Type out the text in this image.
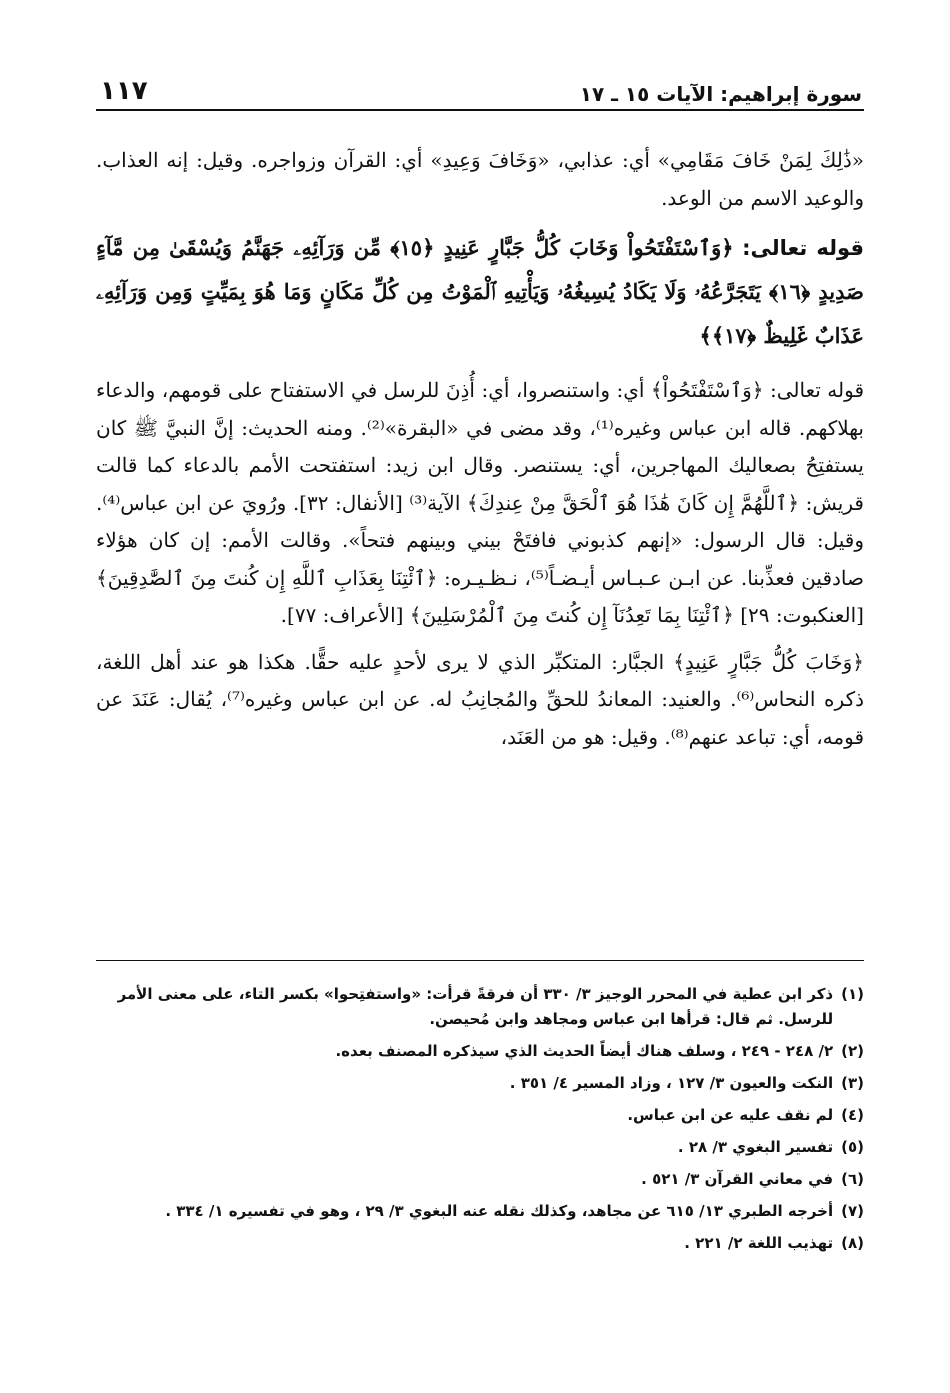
سورة إبراهيم: الآيات ١٥ ـ ١٧
١١٧

«ذَٰلِكَ لِمَنْ خَافَ مَقَامِي» أي: عذابي، «وَخَافَ وَعِيدِ» أي: القرآن وزواجره. وقيل: إنه العذاب. والوعيد الاسم من الوعد.

قوله تعالى: ﴿وَٱسْتَفْتَحُواْ وَخَابَ كُلُّ جَبَّارٍ عَنِيدٍ ﴿١٥﴾ مِّن وَرَآئِهِۦ جَهَنَّمُ وَيُسْقَىٰ مِن مَّآءٍ صَدِيدٍ ﴿١٦﴾ يَتَجَرَّعُهُۥ وَلَا يَكَادُ يُسِيغُهُۥ وَيَأْتِيهِ ٱلْمَوْتُ مِن كُلِّ مَكَانٍ وَمَا هُوَ بِمَيِّتٍ وَمِن وَرَآئِهِۦ عَذَابٌ غَلِيظٌ ﴿١٧﴾﴾

قوله تعالى: ﴿وَٱسْتَفْتَحُواْ﴾ أي: واستنصروا، أي: أُذِنَ للرسل في الاستفتاح على قومهم، والدعاء بهلاكهم. قاله ابن عباس وغيره⁽¹⁾، وقد مضى في «البقرة»⁽²⁾. ومنه الحديث: إنَّ النبيَّ ﷺ كان يستفتِحُ بصعاليك المهاجرين، أي: يستنصر. وقال ابن زيد: استفتحت الأمم بالدعاء كما قالت قريش: ﴿ٱللَّهُمَّ إِن كَانَ هَٰذَا هُوَ ٱلْحَقَّ مِنْ عِندِكَ﴾ الآية⁽³⁾ [الأنفال: ٣٢]. ورُويَ عن ابن عباس⁽⁴⁾. وقيل: قال الرسول: «إنهم كذبوني فافتَحْ بيني وبينهم فتحاً». وقالت الأمم: إن كان هؤلاء صادقين فعذِّبنا. عن ابـن عـبـاس أيـضـاً⁽⁵⁾، نـظـيـره: ﴿ٱئْتِنَا بِعَذَابِ ٱللَّهِ إِن كُنتَ مِنَ ٱلصَّٰدِقِينَ﴾ [العنكبوت: ٢٩] ﴿ٱئْتِنَا بِمَا تَعِدُنَآ إِن كُنتَ مِنَ ٱلْمُرْسَلِينَ﴾ [الأعراف: ٧٧].

﴿وَخَابَ كُلُّ جَبَّارٍ عَنِيدٍ﴾ الجبَّار: المتكبِّر الذي لا يرى لأحدٍ عليه حقًّا. هكذا هو عند أهل اللغة، ذكره النحاس⁽⁶⁾. والعنيد: المعاندُ للحقِّ والمُجانِبُ له. عن ابن عباس وغيره⁽⁷⁾، يُقال: عَنَدَ عن قومه، أي: تباعد عنهم⁽⁸⁾. وقيل: هو من العَنَد،

(١)
ذكر ابن عطية في المحرر الوجيز ٣/ ٣٣٠ أن فرقةً قرأت: «واستفتِحوا» بكسر التاء، على معنى الأمر للرسل. ثم قال: قرأها ابن عباس ومجاهد وابن مُحيصن.
(٢)
٢/ ٢٤٨ - ٢٤٩ ، وسلف هناك أيضاً الحديث الذي سيذكره المصنف بعده.
(٣)
النكت والعيون ٣/ ١٢٧ ، وزاد المسير ٤/ ٣٥١ .
(٤)
لم نقف عليه عن ابن عباس.
(٥)
تفسير البغوي ٣/ ٢٨ .
(٦)
في معاني القرآن ٣/ ٥٢١ .
(٧)
أخرجه الطبري ١٣/ ٦١٥ عن مجاهد، وكذلك نقله عنه البغوي ٣/ ٢٩ ، وهو في تفسيره ١/ ٣٣٤ .
(٨)
تهذيب اللغة ٢/ ٢٢١ .
